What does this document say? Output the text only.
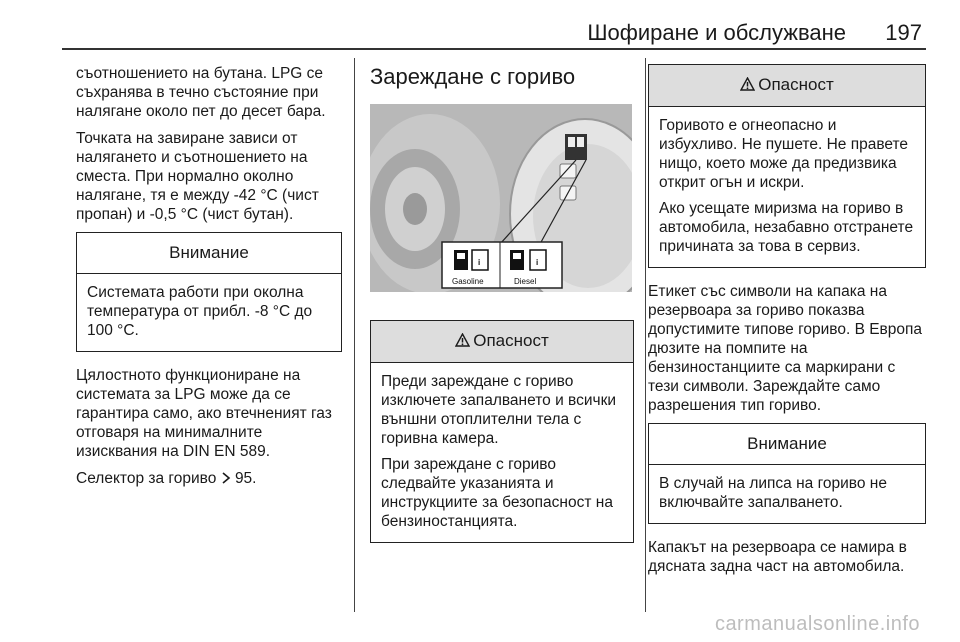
Шофиране и обслужване 197

съотношението на бутана. LPG се съхранява в течно състояние при налягане около пет до десет бара.

Точката на завиране зависи от налягането и съотношението на сместа. При нормално околно налягане, тя е между -42 °C (чист пропан) и -0,5 °C (чист бутан).

Внимание

Системата работи при околна температура от прибл. -8 °C до 100 °C.

Цялостното функциониране на системата за LPG може да се гарантира само, ако втечненият газ отговаря на минималните изисквания на DIN EN 589.

Селектор за гориво  95.

Зареждане с гориво
i	i
Gasoline	Diesel
Опасност

Преди зареждане с гориво изключете запалването и всички външни отоплителни тела с горивна камера.

При зареждане с гориво следвайте указанията и инструкциите за безопасност на бензиностанцията.

Опасност

Горивото е огнеопасно и избухливо. Не пушете. Не правете нищо, което може да предизвика открит огън и искри.

Ако усещате миризма на гориво в автомобила, незабавно отстранете причината за това в сервиз.

Етикет със символи на капака на резервоара за гориво показва допустимите типове гориво. В Европа дюзите на помпите на бензиностанциите са маркирани с тези символи. Зареждайте само разрешения тип гориво.

Внимание

В случай на липса на гориво не включвайте запалването.

Капакът на резервоара се намира в дясната задна част на автомобила.

carmanualsonline.info
